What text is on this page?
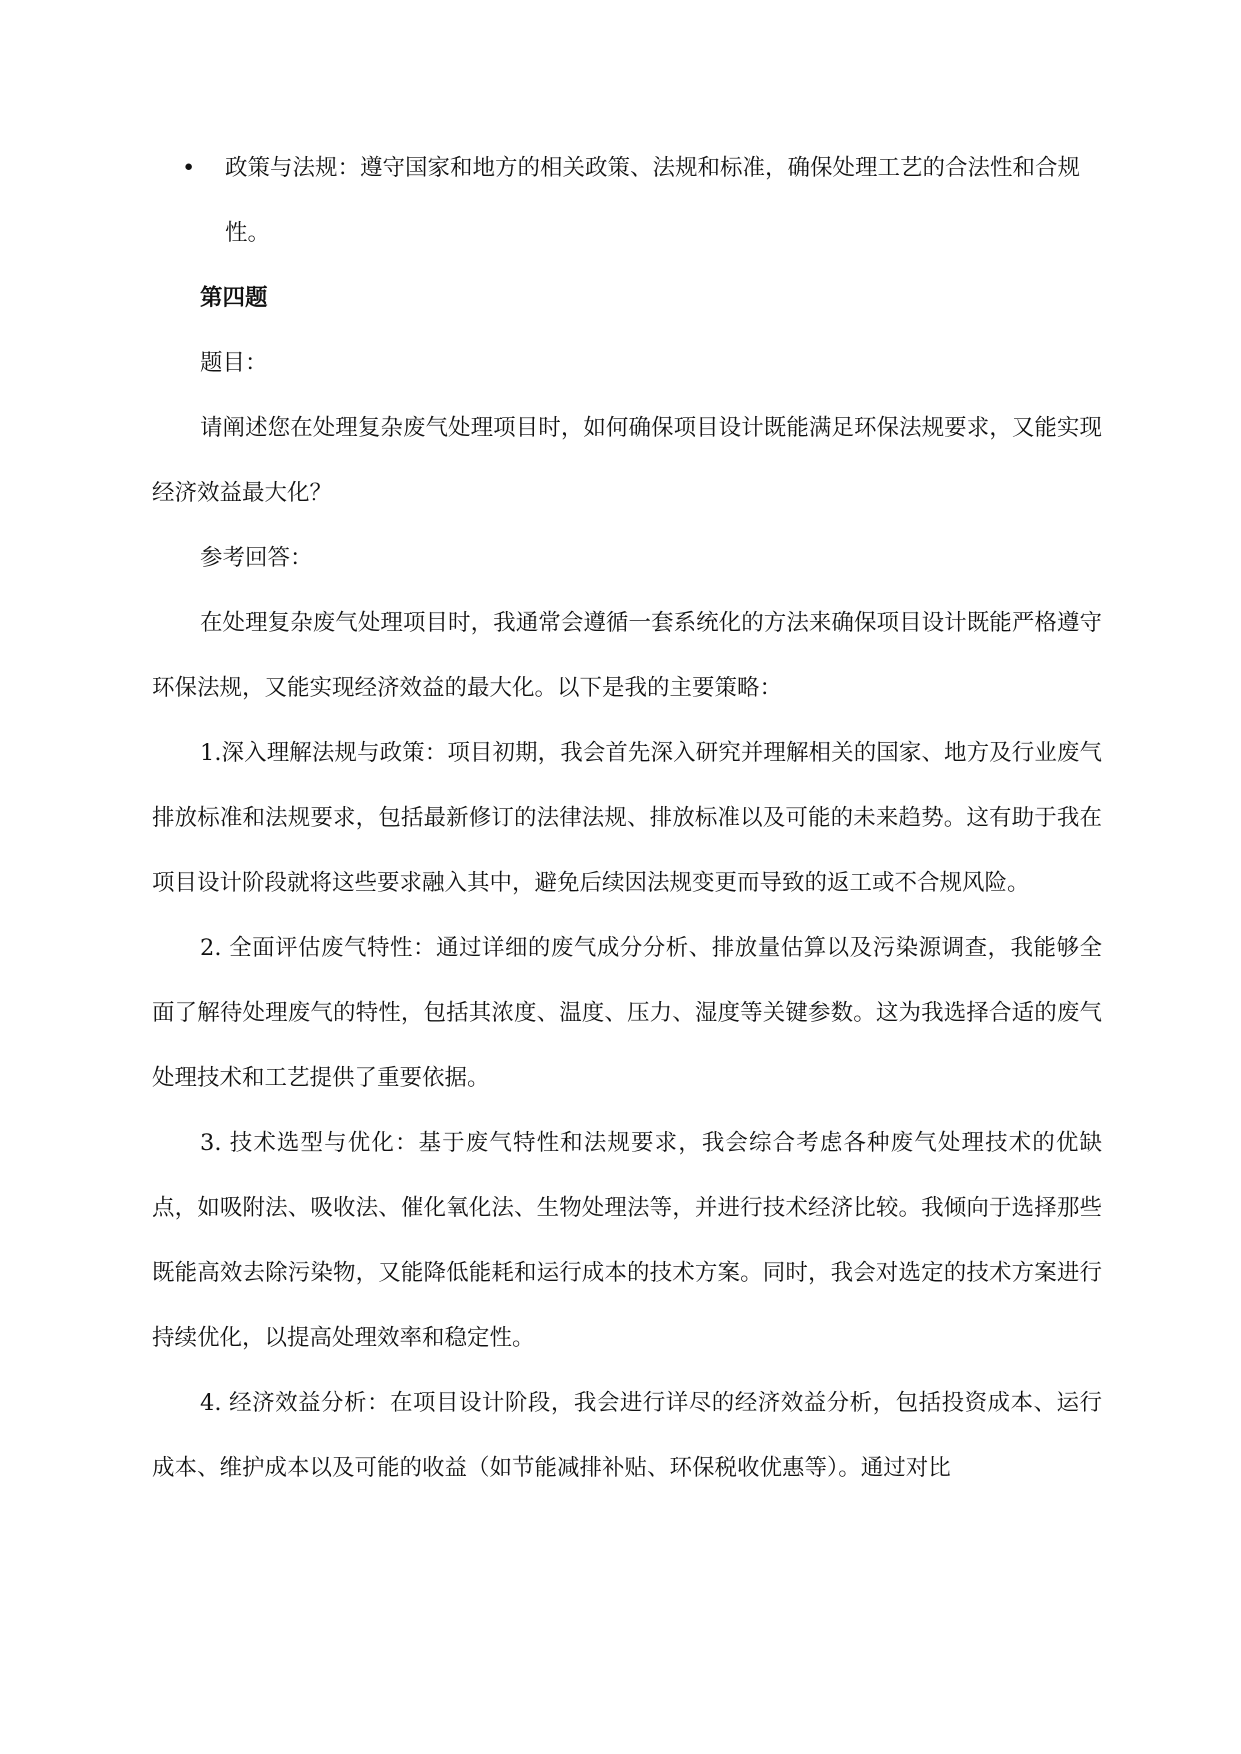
•	政策与法规：遵守国家和地方的相关政策、法规和标准，确保处理工艺的合法性和合规性。

第四题

题目：

请阐述您在处理复杂废气处理项目时，如何确保项目设计既能满足环保法规要求，又能实现经济效益最大化？

参考回答：

在处理复杂废气处理项目时，我通常会遵循一套系统化的方法来确保项目设计既能严格遵守环保法规，又能实现经济效益的最大化。以下是我的主要策略：

1.深入理解法规与政策：项目初期，我会首先深入研究并理解相关的国家、地方及行业废气排放标准和法规要求，包括最新修订的法律法规、排放标准以及可能的未来趋势。这有助于我在项目设计阶段就将这些要求融入其中，避免后续因法规变更而导致的返工或不合规风险。

2. 全面评估废气特性：通过详细的废气成分分析、排放量估算以及污染源调查，我能够全面了解待处理废气的特性，包括其浓度、温度、压力、湿度等关键参数。这为我选择合适的废气处理技术和工艺提供了重要依据。

3. 技术选型与优化：基于废气特性和法规要求，我会综合考虑各种废气处理技术的优缺点，如吸附法、吸收法、催化氧化法、生物处理法等，并进行技术经济比较。我倾向于选择那些既能高效去除污染物，又能降低能耗和运行成本的技术方案。同时，我会对选定的技术方案进行持续优化，以提高处理效率和稳定性。

4. 经济效益分析：在项目设计阶段，我会进行详尽的经济效益分析，包括投资成本、运行成本、维护成本以及可能的收益（如节能减排补贴、环保税收优惠等）。通过对比
